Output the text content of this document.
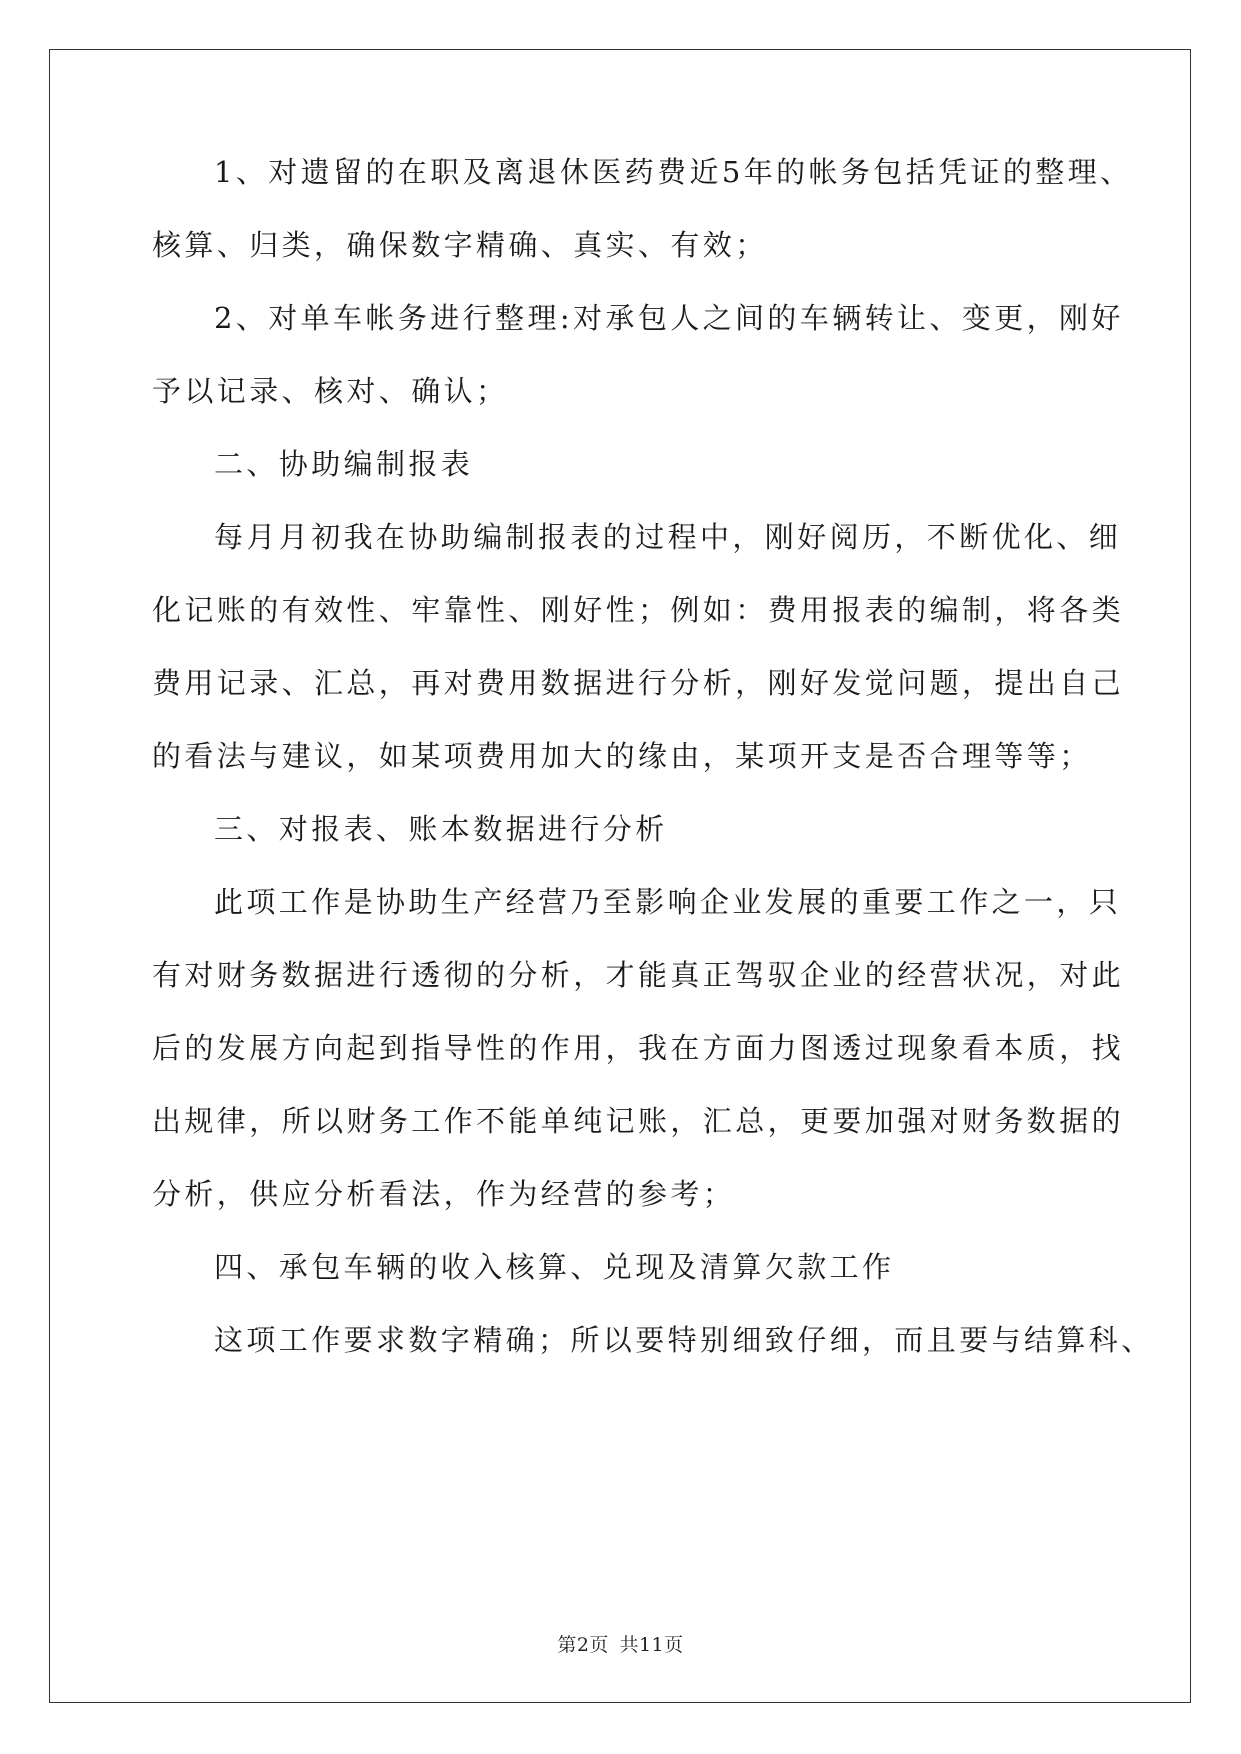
1、对遗留的在职及离退休医药费近5年的帐务包括凭证的整理、
核算、归类，确保数字精确、真实、有效；
2、对单车帐务进行整理:对承包人之间的车辆转让、变更，刚好
予以记录、核对、确认；
二、协助编制报表
每月月初我在协助编制报表的过程中，刚好阅历，不断优化、细
化记账的有效性、牢靠性、刚好性；例如：费用报表的编制，将各类
费用记录、汇总，再对费用数据进行分析，刚好发觉问题，提出自己
的看法与建议，如某项费用加大的缘由，某项开支是否合理等等；
三、对报表、账本数据进行分析
此项工作是协助生产经营乃至影响企业发展的重要工作之一，只
有对财务数据进行透彻的分析，才能真正驾驭企业的经营状况，对此
后的发展方向起到指导性的作用，我在方面力图透过现象看本质，找
出规律，所以财务工作不能单纯记账，汇总，更要加强对财务数据的
分析，供应分析看法，作为经营的参考；
四、承包车辆的收入核算、兑现及清算欠款工作
这项工作要求数字精确；所以要特别细致仔细，而且要与结算科、
第2页 共11页
